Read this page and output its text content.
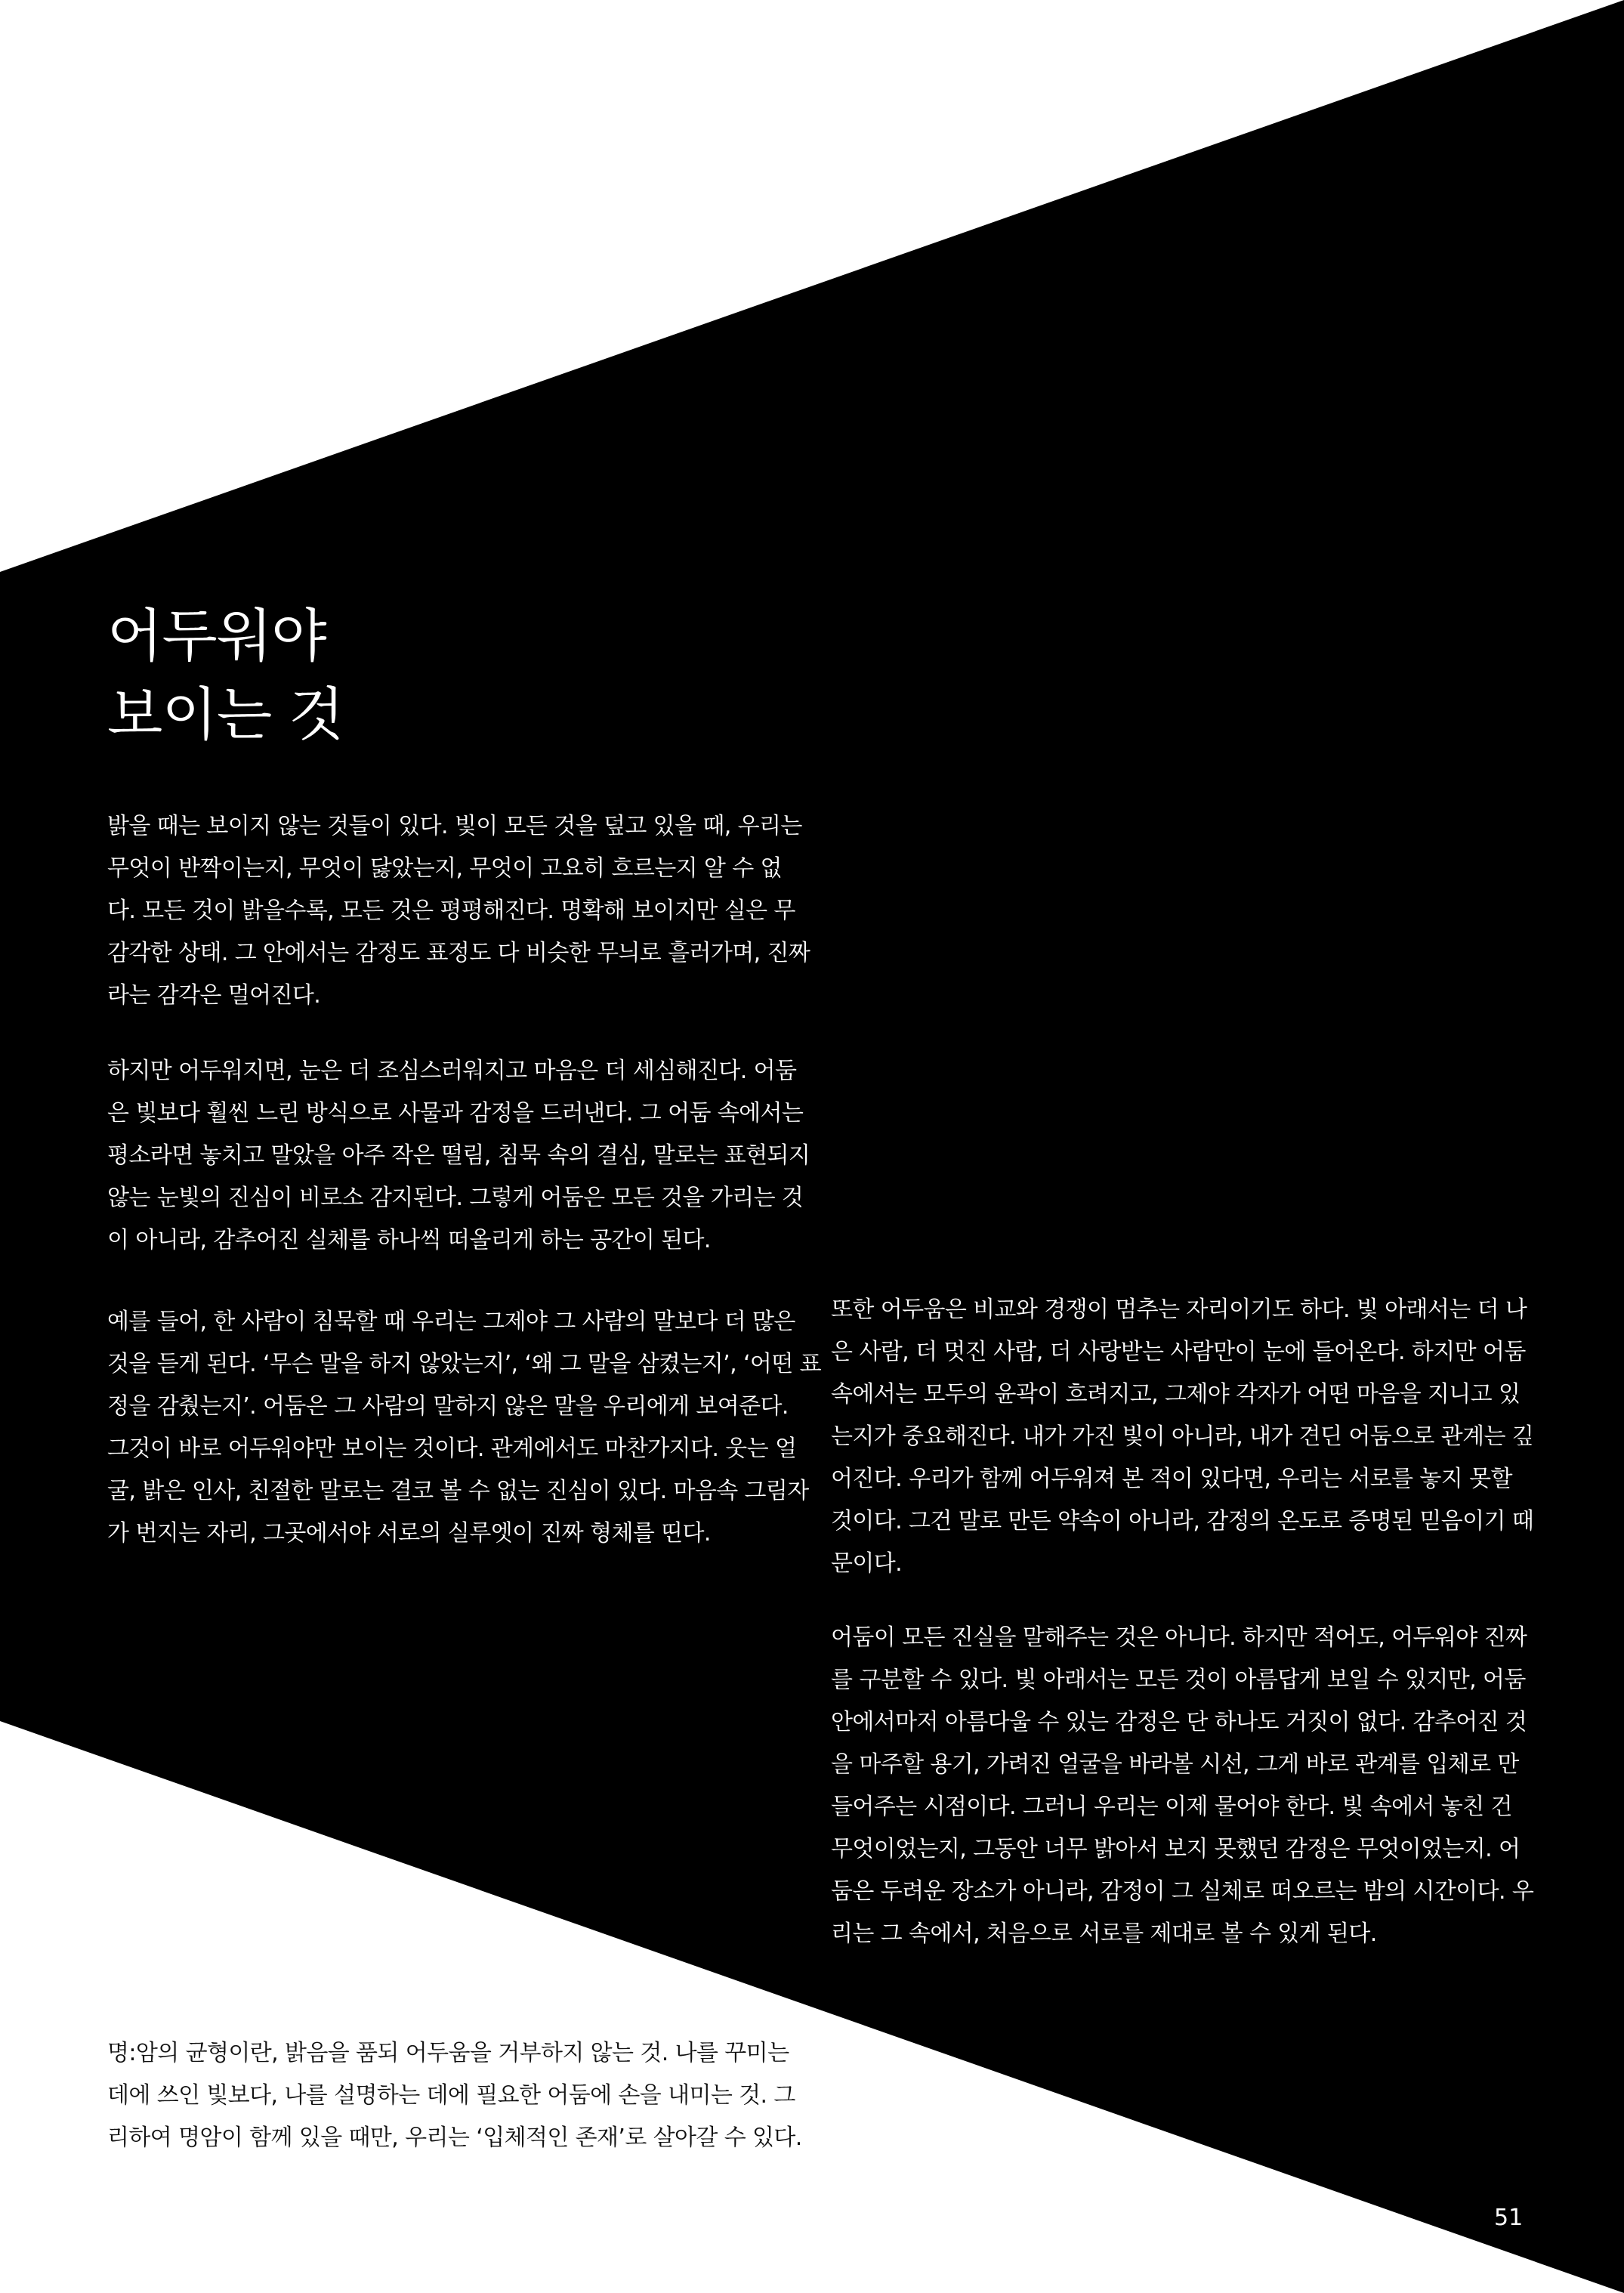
어두워야
보이는 것

밝을 때는 보이지 않는 것들이 있다. 빛이 모든 것을 덮고 있을 때, 우리는
무엇이 반짝이는지, 무엇이 닳았는지, 무엇이 고요히 흐르는지 알 수 없
다. 모든 것이 밝을수록, 모든 것은 평평해진다. 명확해 보이지만 실은 무
감각한 상태. 그 안에서는 감정도 표정도 다 비슷한 무늬로 흘러가며, 진짜
라는 감각은 멀어진다.

하지만 어두워지면, 눈은 더 조심스러워지고 마음은 더 세심해진다. 어둠
은 빛보다 훨씬 느린 방식으로 사물과 감정을 드러낸다. 그 어둠 속에서는
평소라면 놓치고 말았을 아주 작은 떨림, 침묵 속의 결심, 말로는 표현되지
않는 눈빛의 진심이 비로소 감지된다. 그렇게 어둠은 모든 것을 가리는 것
이 아니라, 감추어진 실체를 하나씩 떠올리게 하는 공간이 된다.

예를 들어, 한 사람이 침묵할 때 우리는 그제야 그 사람의 말보다 더 많은
것을 듣게 된다. ‘무슨 말을 하지 않았는지’, ‘왜 그 말을 삼켰는지’, ‘어떤 표
정을 감췄는지’. 어둠은 그 사람의 말하지 않은 말을 우리에게 보여준다.
그것이 바로 어두워야만 보이는 것이다. 관계에서도 마찬가지다. 웃는 얼
굴, 밝은 인사, 친절한 말로는 결코 볼 수 없는 진심이 있다. 마음속 그림자
가 번지는 자리, 그곳에서야 서로의 실루엣이 진짜 형체를 띤다.

또한 어두움은 비교와 경쟁이 멈추는 자리이기도 하다. 빛 아래서는 더 나
은 사람, 더 멋진 사람, 더 사랑받는 사람만이 눈에 들어온다. 하지만 어둠
속에서는 모두의 윤곽이 흐려지고, 그제야 각자가 어떤 마음을 지니고 있
는지가 중요해진다. 내가 가진 빛이 아니라, 내가 견딘 어둠으로 관계는 깊
어진다. 우리가 함께 어두워져 본 적이 있다면, 우리는 서로를 놓지 못할
것이다. 그건 말로 만든 약속이 아니라, 감정의 온도로 증명된 믿음이기 때
문이다.

어둠이 모든 진실을 말해주는 것은 아니다. 하지만 적어도, 어두워야 진짜
를 구분할 수 있다. 빛 아래서는 모든 것이 아름답게 보일 수 있지만, 어둠
안에서마저 아름다울 수 있는 감정은 단 하나도 거짓이 없다. 감추어진 것
을 마주할 용기, 가려진 얼굴을 바라볼 시선, 그게 바로 관계를 입체로 만
들어주는 시점이다. 그러니 우리는 이제 물어야 한다. 빛 속에서 놓친 건
무엇이었는지, 그동안 너무 밝아서 보지 못했던 감정은 무엇이었는지. 어
둠은 두려운 장소가 아니라, 감정이 그 실체로 떠오르는 밤의 시간이다. 우
리는 그 속에서, 처음으로 서로를 제대로 볼 수 있게 된다.

명:암의 균형이란, 밝음을 품되 어두움을 거부하지 않는 것. 나를 꾸미는
데에 쓰인 빛보다, 나를 설명하는 데에 필요한 어둠에 손을 내미는 것. 그
리하여 명암이 함께 있을 때만, 우리는 ‘입체적인 존재’로 살아갈 수 있다.

51
